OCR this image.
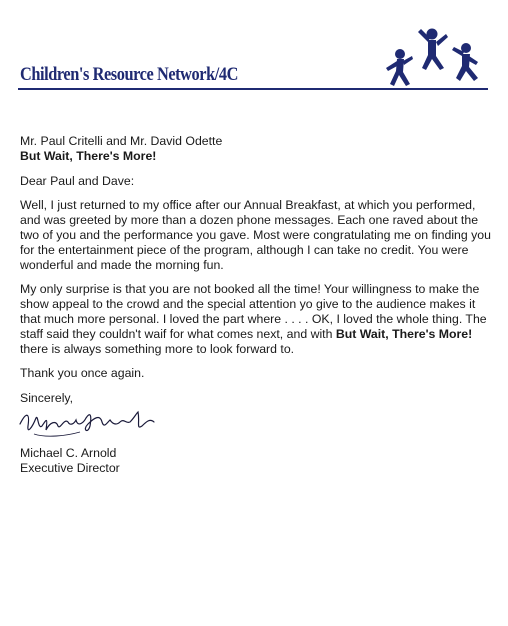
Children's Resource Network/4C

Mr. Paul Critelli and Mr. David Odette
But Wait, There's More!

Dear Paul and Dave:

Well, I just returned to my office after our Annual Breakfast, at which you performed, and was greeted by more than a dozen phone messages. Each one raved about the two of you and the performance you gave. Most were congratulating me on finding you for the entertainment piece of the program, although I can take no credit. You were wonderful and made the morning fun.

My only surprise is that you are not booked all the time! Your willingness to make the show appeal to the crowd and the special attention yo give to the audience makes it that much more personal. I loved the part where . . . . OK, I loved the whole thing. The staff said they couldn't waif for what comes next, and with But Wait, There's More! there is always something more to look forward to.

Thank you once again.

Sincerely,

Michael C. Arnold
Executive Director
